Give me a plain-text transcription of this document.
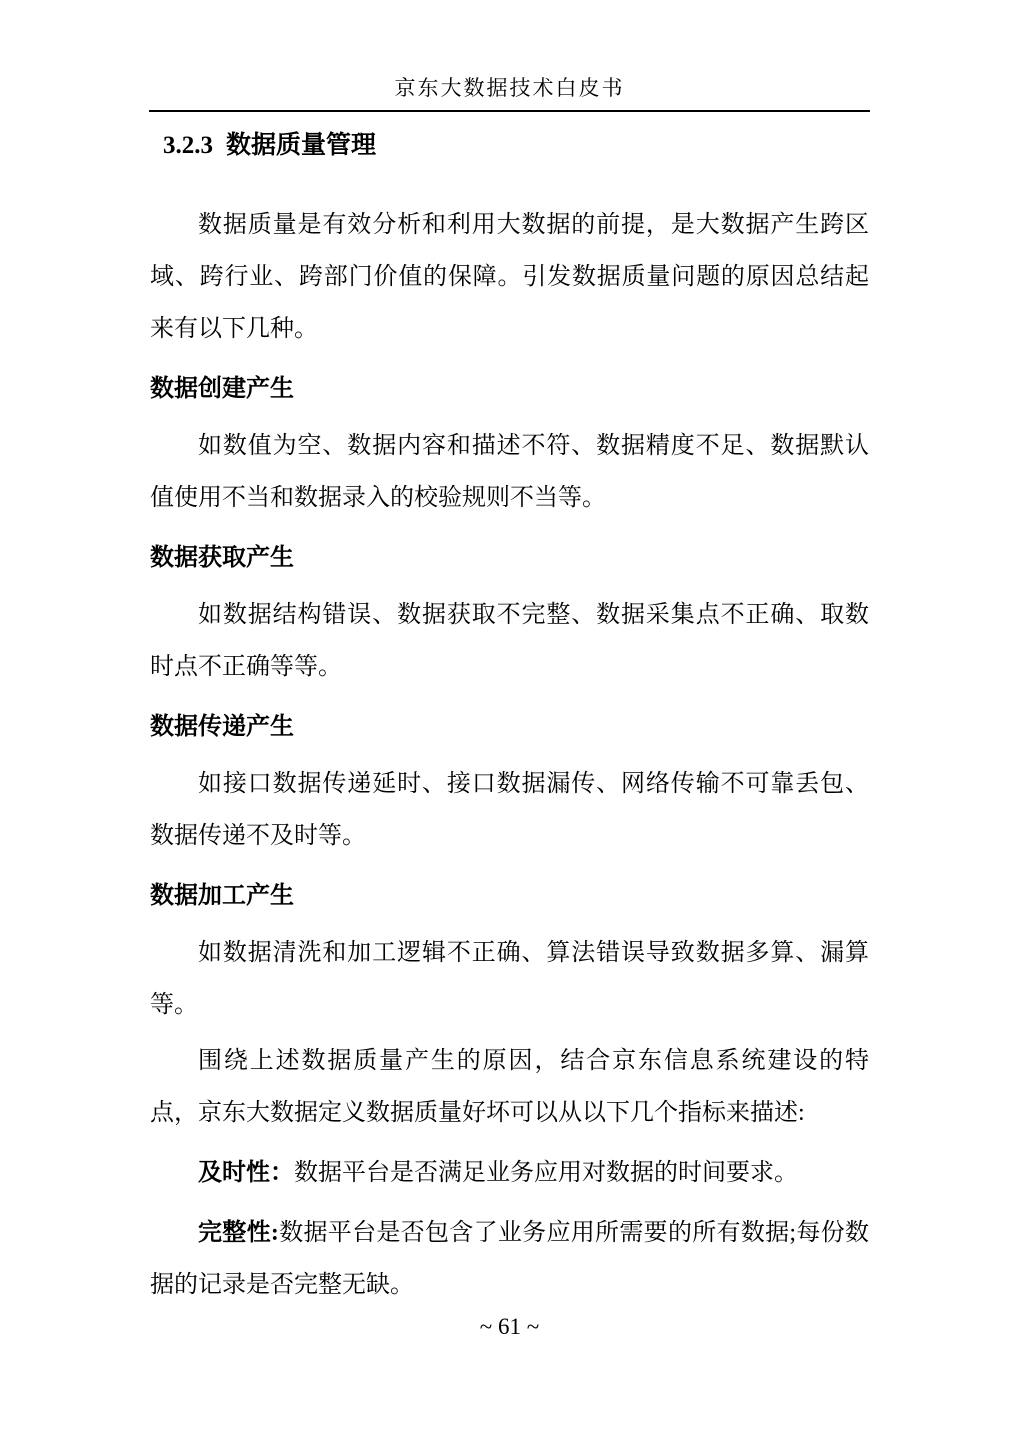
京东大数据技术白皮书
3.2.3 数据质量管理

数据质量是有效分析和利用大数据的前提，是大数据产生跨区域、跨行业、跨部门价值的保障。引发数据质量问题的原因总结起来有以下几种。

数据创建产生

如数值为空、数据内容和描述不符、数据精度不足、数据默认值使用不当和数据录入的校验规则不当等。

数据获取产生

如数据结构错误、数据获取不完整、数据采集点不正确、取数时点不正确等等。

数据传递产生

如接口数据传递延时、接口数据漏传、网络传输不可靠丢包、数据传递不及时等。

数据加工产生

如数据清洗和加工逻辑不正确、算法错误导致数据多算、漏算等。

围绕上述数据质量产生的原因，结合京东信息系统建设的特点，京东大数据定义数据质量好坏可以从以下几个指标来描述:

及时性：数据平台是否满足业务应用对数据的时间要求。

完整性:数据平台是否包含了业务应用所需要的所有数据;每份数据的记录是否完整无缺。

~ 61 ~
